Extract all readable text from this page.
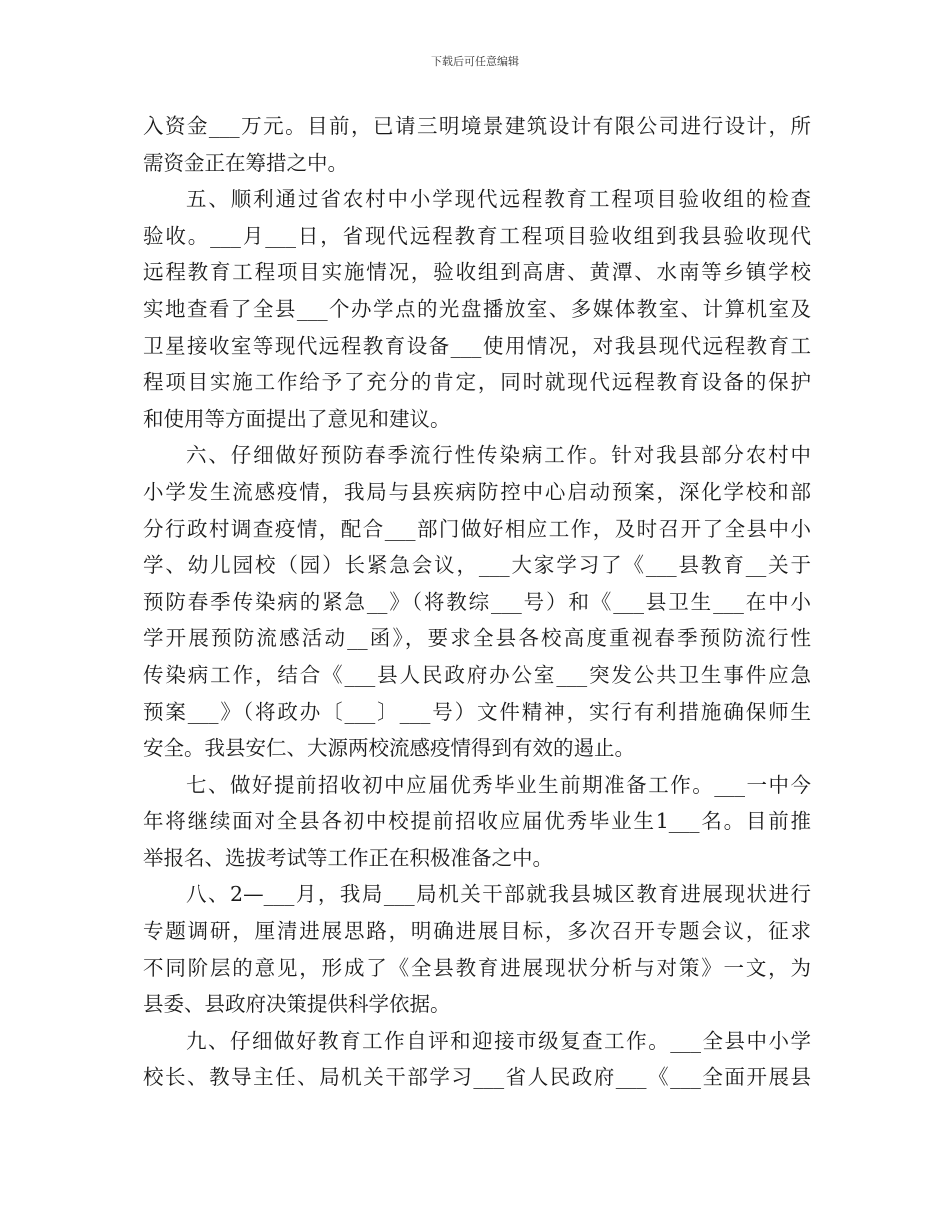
下载后可任意编辑
入资金___万元。目前，已请三明境景建筑设计有限公司进行设计，所
需资金正在筹措之中。
五、顺利通过省农村中小学现代远程教育工程项目验收组的检查
验收。___月___日，省现代远程教育工程项目验收组到我县验收现代
远程教育工程项目实施情况，验收组到高唐、黄潭、水南等乡镇学校
实地查看了全县___个办学点的光盘播放室、多媒体教室、计算机室及
卫星接收室等现代远程教育设备___使用情况，对我县现代远程教育工
程项目实施工作给予了充分的肯定，同时就现代远程教育设备的保护
和使用等方面提出了意见和建议。
六、仔细做好预防春季流行性传染病工作。针对我县部分农村中
小学发生流感疫情，我局与县疾病防控中心启动预案，深化学校和部
分行政村调查疫情，配合___部门做好相应工作，及时召开了全县中小
学、幼儿园校（园）长紧急会议，___大家学习了《___县教育__关于
预防春季传染病的紧急__》（将教综___号）和《___县卫生___在中小
学开展预防流感活动__函》，要求全县各校高度重视春季预防流行性
传染病工作，结合《___县人民政府办公室___突发公共卫生事件应急
预案___》（将政办〔___〕___号）文件精神，实行有利措施确保师生
安全。我县安仁、大源两校流感疫情得到有效的遏止。
七、做好提前招收初中应届优秀毕业生前期准备工作。___一中今
年将继续面对全县各初中校提前招收应届优秀毕业生1___名。目前推
举报名、选拔考试等工作正在积极准备之中。
八、2—___月，我局___局机关干部就我县城区教育进展现状进行
专题调研，厘清进展思路，明确进展目标，多次召开专题会议，征求
不同阶层的意见，形成了《全县教育进展现状分析与对策》一文，为
县委、县政府决策提供科学依据。
九、仔细做好教育工作自评和迎接市级复查工作。___全县中小学
校长、教导主任、局机关干部学习___省人民政府___《___全面开展县
